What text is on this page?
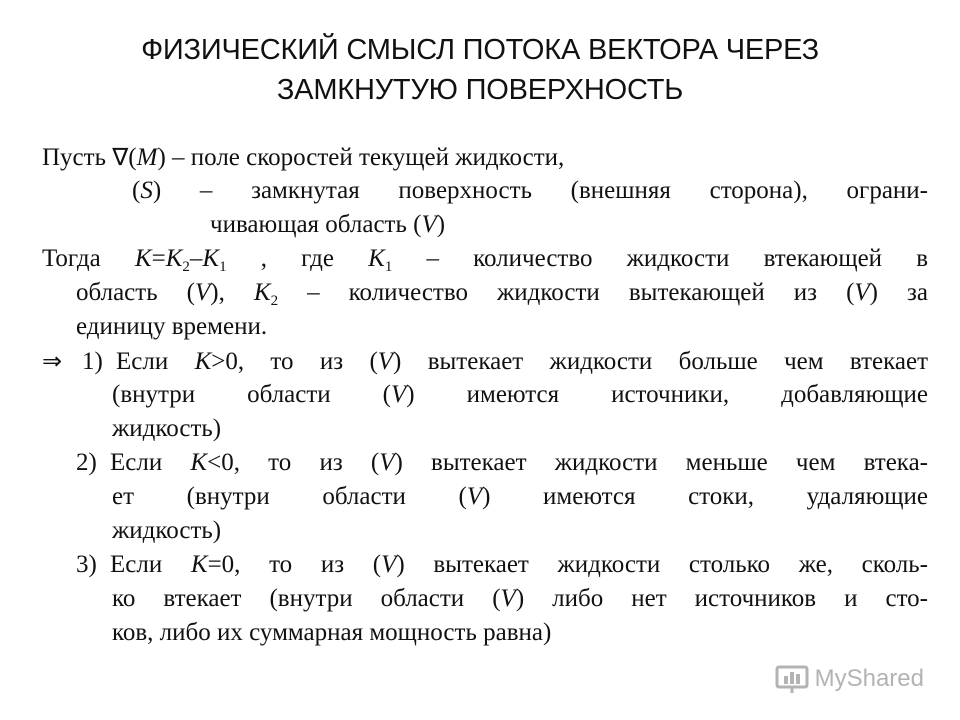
ФИЗИЧЕСКИЙ СМЫСЛ ПОТОКА ВЕКТОРА ЧЕРЕЗ
ЗАМКНУТУЮ ПОВЕРХНОСТЬ
Пусть ∇(M) – поле скоростей текущей жидкости,
(S) – замкнутая поверхность (внешняя сторона), ограни-
чивающая область (V)
Тогда $K=K_2-K_1$ , где $K_1$ – количество жидкости втекающей в
область (V), $K_2$ – количество жидкости вытекающей из (V) за
единицу времени.
⇒ 1) Если K>0, то из (V) вытекает жидкости больше чем втекает
(внутри области (V) имеются источники, добавляющие
жидкость)
2) Если K<0, то из (V) вытекает жидкости меньше чем втека-
ет (внутри области (V) имеются стоки, удаляющие
жидкость)
3) Если K=0, то из (V) вытекает жидкости столько же, сколь-
ко втекает (внутри области (V) либо нет источников и сто-
ков, либо их суммарная мощность равна)
MyShared
